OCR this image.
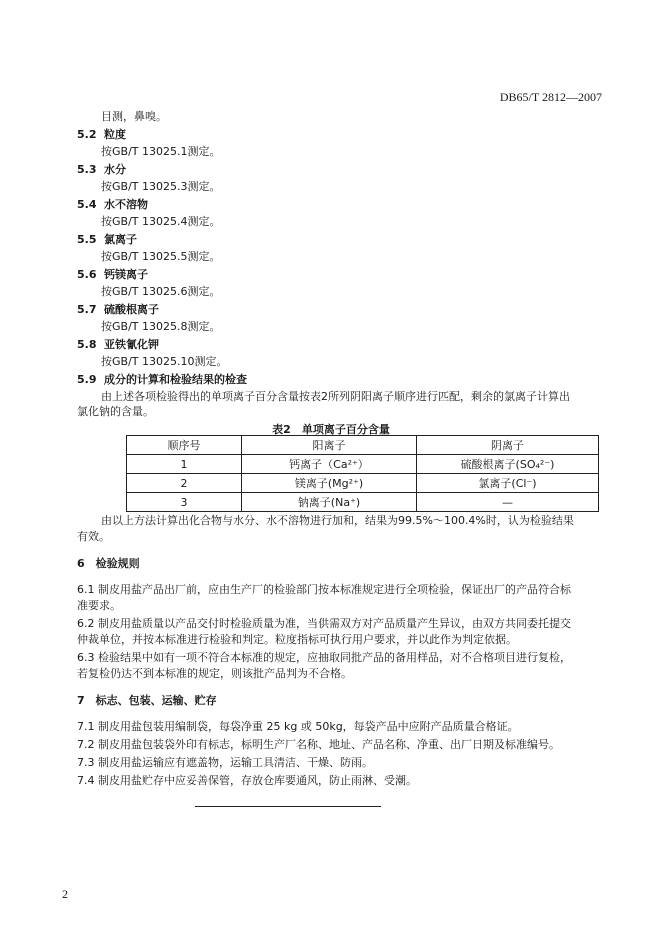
DB65/T 2812—2007
目测，鼻嗅。
5.2 粒度
按GB/T 13025.1测定。
5.3 水分
按GB/T 13025.3测定。
5.4 水不溶物
按GB/T 13025.4测定。
5.5 氯离子
按GB/T 13025.5测定。
5.6 钙镁离子
按GB/T 13025.6测定。
5.7 硫酸根离子
按GB/T 13025.8测定。
5.8 亚铁氰化钾
按GB/T 13025.10测定。
5.9 成分的计算和检验结果的检查
由上述各项检验得出的单项离子百分含量按表2所列阴阳离子顺序进行匹配，剩余的氯离子计算出
氯化钠的含量。
表2　单项离子百分含量
顺序号	阳离子	阴离子
1	钙离子（Ca²⁺）	硫酸根离子(SO₄²⁻)
2	镁离子(Mg²⁺)	氯离子(Cl⁻)
3	钠离子(Na⁺)	—
由以上方法计算出化合物与水分、水不溶物进行加和，结果为99.5%～100.4%时，认为检验结果
有效。
6　检验规则
6.1 制皮用盐产品出厂前，应由生产厂的检验部门按本标准规定进行全项检验，保证出厂的产品符合标
准要求。
6.2 制皮用盐质量以产品交付时检验质量为准，当供需双方对产品质量产生异议，由双方共同委托提交
仲裁单位，并按本标准进行检验和判定。粒度指标可执行用户要求，并以此作为判定依据。
6.3 检验结果中如有一项不符合本标准的规定，应抽取同批产品的备用样品，对不合格项目进行复检，
若复检仍达不到本标准的规定，则该批产品判为不合格。
7　标志、包装、运输、贮存
7.1 制皮用盐包装用编制袋，每袋净重 25 kg 或 50kg，每袋产品中应附产品质量合格证。
7.2 制皮用盐包装袋外印有标志，标明生产厂名称、地址、产品名称、净重、出厂日期及标准编号。
7.3 制皮用盐运输应有遮盖物，运输工具清洁、干燥、防雨。
7.4 制皮用盐贮存中应妥善保管，存放仓库要通风，防止雨淋、受潮。
2
